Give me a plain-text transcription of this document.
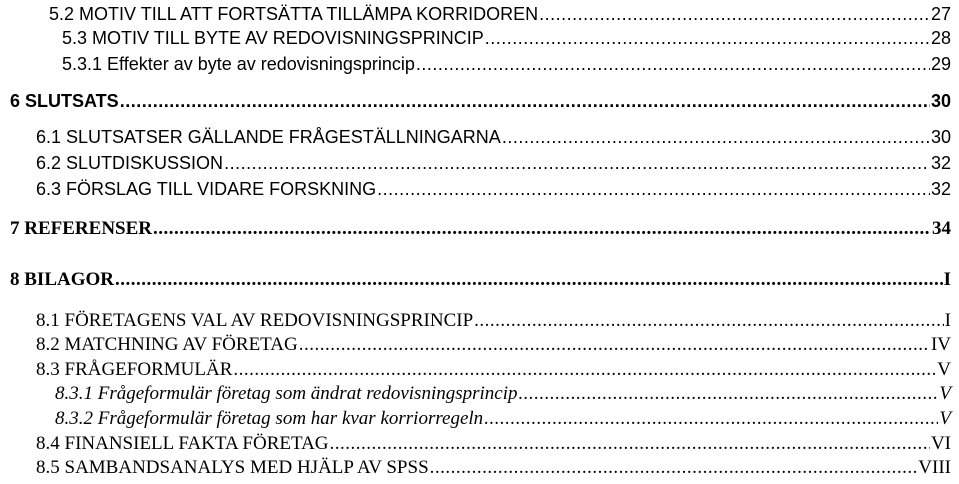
5.2 MOTIV TILL ATT FORTSÄTTA TILLÄMPA KORRIDOREN .....	27
5.3 MOTIV TILL BYTE AV REDOVISNINGSPRINCIP .....	28
5.3.1 Effekter av byte av redovisningsprincip .....	29
6 SLUTSATS .....	30
6.1 SLUTSATSER GÄLLANDE FRÅGESTÄLLNINGARNA .....	30
6.2 SLUTDISKUSSION .....	32
6.3 FÖRSLAG TILL VIDARE FORSKNING .....	32
7 REFERENSER .....	34
8 BILAGOR .....	I
8.1 FÖRETAGENS VAL AV REDOVISNINGSPRINCIP .....	I
8.2 MATCHNING AV FÖRETAG .....	IV
8.3 FRÅGEFORMULÄR .....	V
8.3.1 Frågeformulär företag som ändrat redovisningsprincip .....	V
8.3.2 Frågeformulär företag som har kvar korriorregeln .....	V
8.4 FINANSIELL FAKTA FÖRETAG .....	VI
8.5 SAMBANDSANALYS MED HJÄLP AV SPSS .....	VIII
